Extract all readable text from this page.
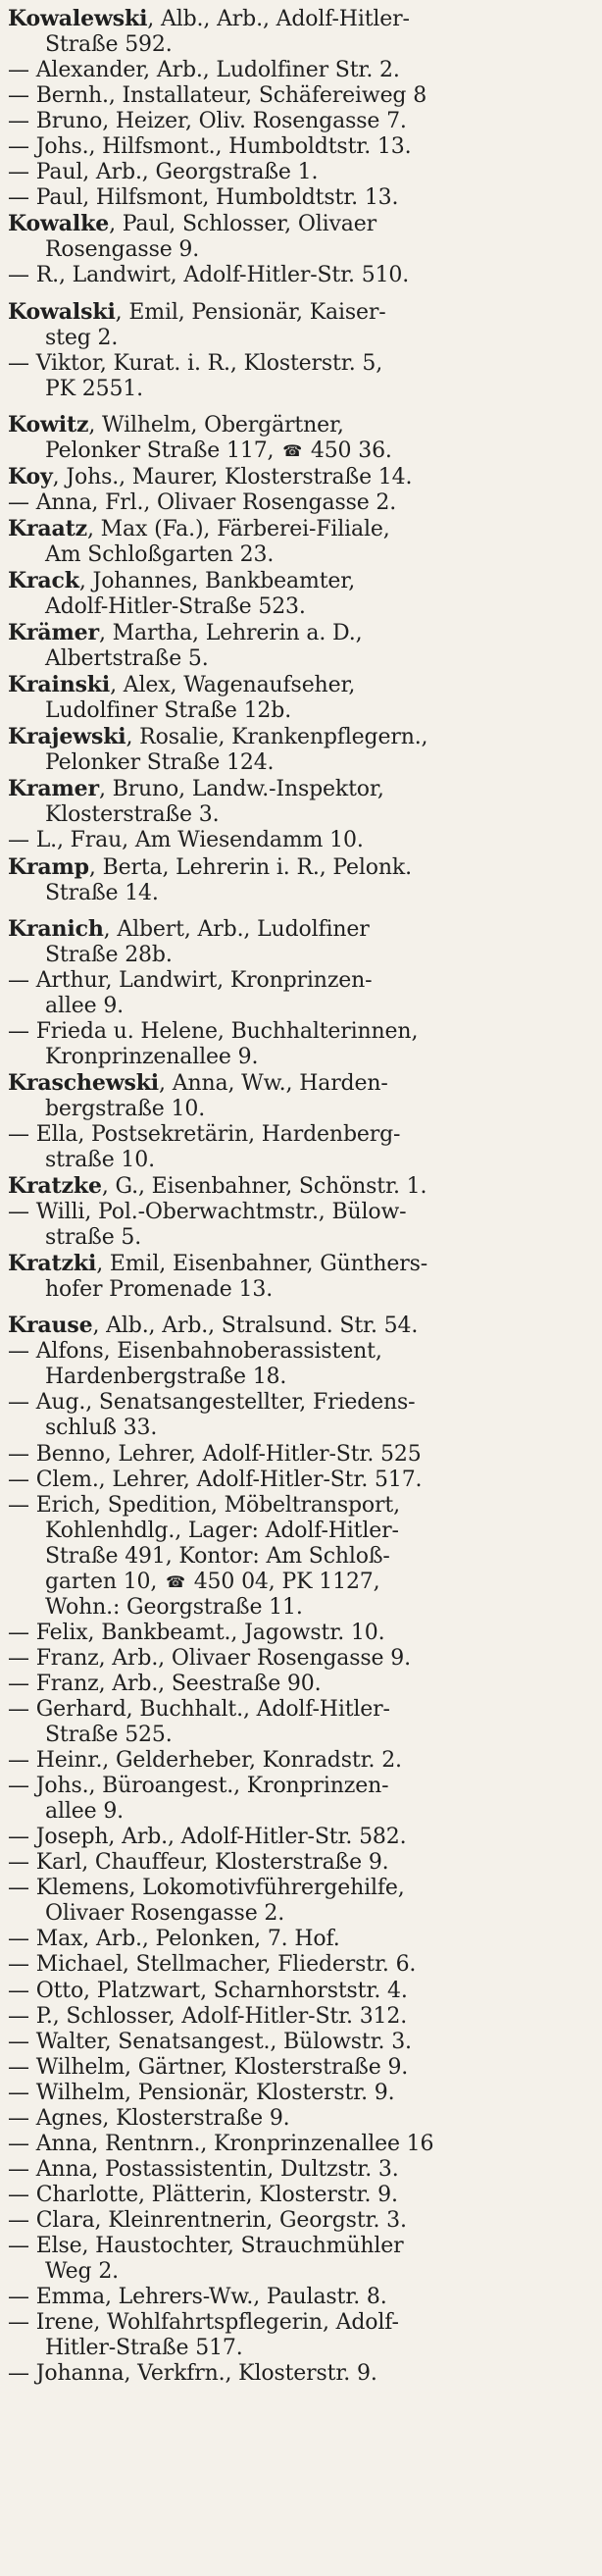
Kowalewski, Alb., Arb., Adolf-Hitler-
Straße 592.
— Alexander, Arb., Ludolfiner Str. 2.
— Bernh., Installateur, Schäfereiweg 8
— Bruno, Heizer, Oliv. Rosengasse 7.
— Johs., Hilfsmont., Humboldtstr. 13.
— Paul, Arb., Georgstraße 1.
— Paul, Hilfsmont, Humboldtstr. 13.
Kowalke, Paul, Schlosser, Olivaer
Rosengasse 9.
— R., Landwirt, Adolf-Hitler-Str. 510.
Kowalski, Emil, Pensionär, Kaiser-
steg 2.
— Viktor, Kurat. i. R., Klosterstr. 5,
PK 2551.
Kowitz, Wilhelm, Obergärtner,
Pelonker Straße 117, ☎ 450 36.
Koy, Johs., Maurer, Klosterstraße 14.
— Anna, Frl., Olivaer Rosengasse 2.
Kraatz, Max (Fa.), Färberei-Filiale,
Am Schloßgarten 23.
Krack, Johannes, Bankbeamter,
Adolf-Hitler-Straße 523.
Krämer, Martha, Lehrerin a. D.,
Albertstraße 5.
Krainski, Alex, Wagenaufseher,
Ludolfiner Straße 12b.
Krajewski, Rosalie, Krankenpflegern.,
Pelonker Straße 124.
Kramer, Bruno, Landw.-Inspektor,
Klosterstraße 3.
— L., Frau, Am Wiesendamm 10.
Kramp, Berta, Lehrerin i. R., Pelonk.
Straße 14.
Kranich, Albert, Arb., Ludolfiner
Straße 28b.
— Arthur, Landwirt, Kronprinzen-
allee 9.
— Frieda u. Helene, Buchhalterinnen,
Kronprinzenallee 9.
Kraschewski, Anna, Ww., Harden-
bergstraße 10.
— Ella, Postsekretärin, Hardenberg-
straße 10.
Kratzke, G., Eisenbahner, Schönstr. 1.
— Willi, Pol.-Oberwachtmstr., Bülow-
straße 5.
Kratzki, Emil, Eisenbahner, Günthers-
hofer Promenade 13.
Krause, Alb., Arb., Stralsund. Str. 54.
— Alfons, Eisenbahnoberassistent,
Hardenbergstraße 18.
— Aug., Senatsangestellter, Friedens-
schluß 33.
— Benno, Lehrer, Adolf-Hitler-Str. 525
— Clem., Lehrer, Adolf-Hitler-Str. 517.
— Erich, Spedition, Möbeltransport,
Kohlenhdlg., Lager: Adolf-Hitler-
Straße 491, Kontor: Am Schloß-
garten 10, ☎ 450 04, PK 1127,
Wohn.: Georgstraße 11.
— Felix, Bankbeamt., Jagowstr. 10.
— Franz, Arb., Olivaer Rosengasse 9.
— Franz, Arb., Seestraße 90.
— Gerhard, Buchhalt., Adolf-Hitler-
Straße 525.
— Heinr., Gelderheber, Konradstr. 2.
— Johs., Büroangest., Kronprinzen-
allee 9.
— Joseph, Arb., Adolf-Hitler-Str. 582.
— Karl, Chauffeur, Klosterstraße 9.
— Klemens, Lokomotivführergehilfe,
Olivaer Rosengasse 2.
— Max, Arb., Pelonken, 7. Hof.
— Michael, Stellmacher, Fliederstr. 6.
— Otto, Platzwart, Scharnhorststr. 4.
— P., Schlosser, Adolf-Hitler-Str. 312.
— Walter, Senatsangest., Bülowstr. 3.
— Wilhelm, Gärtner, Klosterstraße 9.
— Wilhelm, Pensionär, Klosterstr. 9.
— Agnes, Klosterstraße 9.
— Anna, Rentnrn., Kronprinzenallee 16
— Anna, Postassistentin, Dultzstr. 3.
— Charlotte, Plätterin, Klosterstr. 9.
— Clara, Kleinrentnerin, Georgstr. 3.
— Else, Haustochter, Strauchmühler
Weg 2.
— Emma, Lehrers-Ww., Paulastr. 8.
— Irene, Wohlfahrtspflegerin, Adolf-
Hitler-Straße 517.
— Johanna, Verkfrn., Klosterstr. 9.
